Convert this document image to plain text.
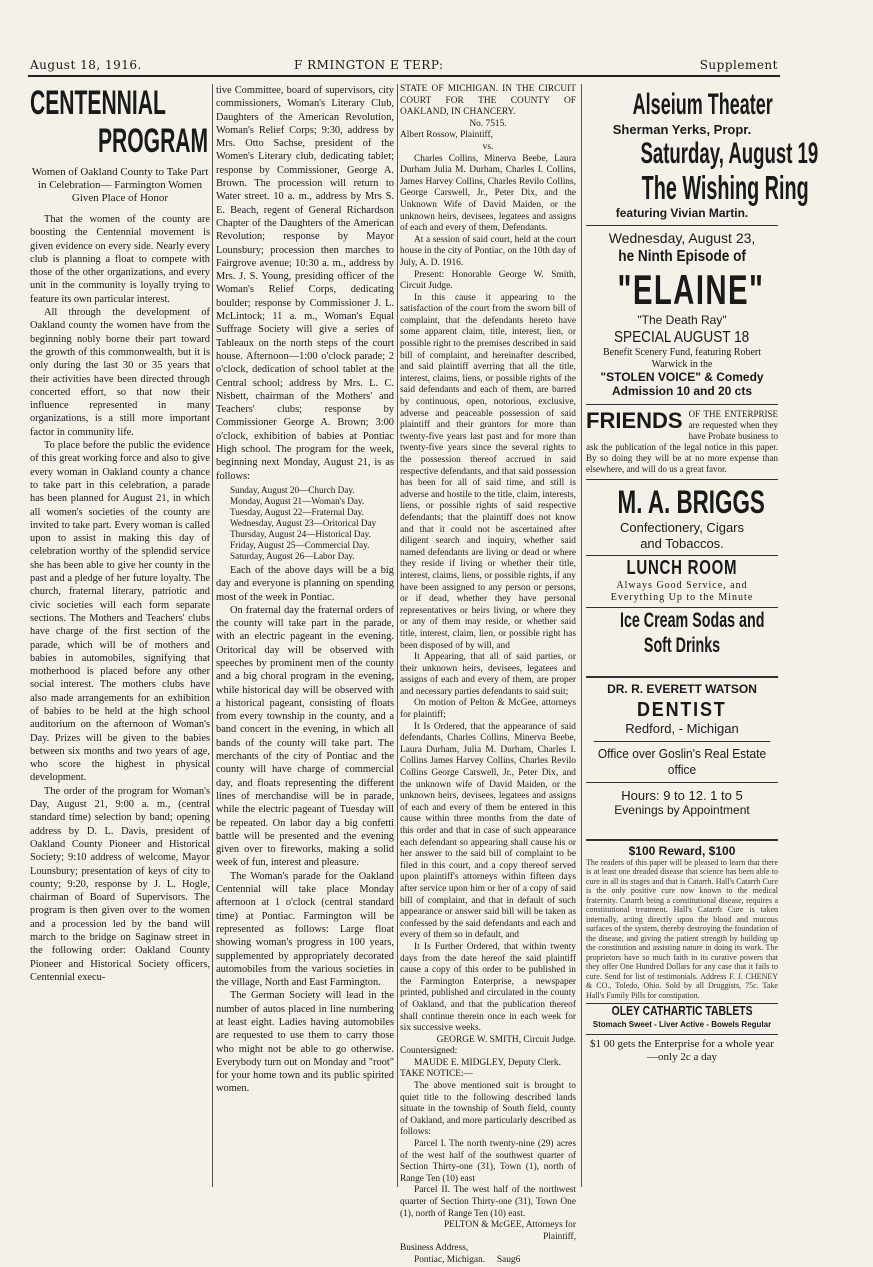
August 18, 1916.	F RMINGTON E TERP:	Supplement
CENTENNIAL
PROGRAM
Women of Oakland County to Take Part in Celebration— Farmington Women Given Place of Honor

That the women of the county are boosting the Centennial movement is given evidence on every side. Nearly every club is planning a float to compete with those of the other organizations, and every unit in the community is loyally trying to feature its own particular interest.

All through the development of Oakland county the women have from the beginning nobly borne their part toward the growth of this commonwealth, but it is only during the last 30 or 35 years that their activities have been directed through concerted effort, so that now their influence represented in many organizations, is a still more important factor in community life.

To place before the public the evidence of this great working force and also to give every woman in Oakland county a chance to take part in this celebration, a parade has been planned for August 21, in which all women's societies of the county are invited to take part. Every woman is called upon to assist in making this day of celebration worthy of the splendid service she has been able to give her county in the past and a pledge of her future loyalty. The church, fraternal literary, patriotic and civic societies will each form separate sections. The Mothers and Teachers' clubs have charge of the first section of the parade, which will be of mothers and babies in automobiles, signifying that motherhood is placed before any other social interest. The mothers clubs have also made arrangements for an exhibition of babies to be held at the high school auditorium on the afternoon of Woman's Day. Prizes will be given to the babies between six months and two years of age, who score the highest in physical development.

The order of the program for Woman's Day, August 21, 9:00 a. m., (central standard time) selection by band; opening address by D. L. Davis, president of Oakland County Pioneer and Historical Society; 9:10 address of welcome, Mayor Lounsbury; presentation of keys of city to county; 9:20, response by J. L. Hogle, chairman of Board of Supervisors. The program is then given over to the women and a procession led by the band will march to the bridge on Saginaw street in the following order: Oakland County Pioneer and Historical Society officers, Centennial execu-

tive Committee, board of supervisors, city commissioners, Woman's Literary Club, Daughters of the American Revolution, Woman's Relief Corps; 9:30, address by Mrs. Otto Sachse, president of the Women's Literary club, dedicating tablet; response by Commissioner, George A. Brown. The procession will return to Water street. 10 a. m., address by Mrs S. E. Beach, regent of General Richardson Chapter of the Daughters of the American Revolution; response by Mayor Lounsbury; procession then marches to Fairgrove avenue; 10:30 a. m., address by Mrs. J. S. Young, presiding officer of the Woman's Relief Corps, dedicating boulder; response by Commissioner J. L. McLintock; 11 a. m., Woman's Equal Suffrage Society will give a series of Tableaux on the north steps of the court house. Afternoon—1:00 o'clock parade; 2 o'clock, dedication of school tablet at the Central school; address by Mrs. L. C. Nisbett, chairman of the Mothers' and Teachers' clubs; response by Commissioner George A. Brown; 3:00 o'clock, exhibition of babies at Pontiac High school. The program for the week, beginning next Monday, August 21, is as follows:

Sunday, August 20—Church Day.
Monday, August 21—Woman's Day.
Tuesday, August 22—Fraternal Day.
Wednesday, August 23—Oritorical Day
Thursday, August 24—Historical Day.
Friday, August 25—Commercial Day.
Saturday, August 26—Labor Day.

Each of the above days will be a big day and everyone is planning on spending most of the week in Pontiac.

On fraternal day the fraternal orders of the county will take part in the parade, with an electric pageant in the evening. Oritorical day will be observed with speeches by prominent men of the county and a big choral program in the evening, while historical day will be observed with a historical pageant, consisting of floats from every township in the county, and a band concert in the evening, in which all bands of the county will take part. The merchants of the city of Pontiac and the county will have charge of commercial day, and floats representing the different lines of merchandise will be in parade, while the electric pageant of Tuesday will be repeated. On labor day a big confetti battle will be presented and the evening given over to fireworks, making a solid week of fun, interest and pleasure.

The Woman's parade for the Oakland Centennial will take place Monday afternoon at 1 o'clock (central standard time) at Pontiac. Farmington will be represented as follows: Large float showing woman's progress in 100 years, supplemented by appropriately decorated automobiles from the various societies in the village, North and East Farmington.

The German Society will lead in the number of autos placed in line numbering at least eight. Ladies having automobiles are requested to use them to carry those who might not be able to go otherwise. Everybody turn out on Monday and "root" for your home town and its public spirited women.

STATE OF MICHIGAN. IN THE CIRCUIT COURT FOR THE COUNTY OF OAKLAND, IN CHANCERY.

No. 7515.

Albert Rossow, Plaintiff,

vs.

Charles Collins, Minerva Beebe, Laura Durham Julia M. Durham, Charles I. Collins, James Harvey Collins, Charles Revilo Collins, George Carswell, Jr., Peter Dix, and the Unknown Wife of David Maiden, or the unknown heirs, devisees, legatees and assigns of each and every of them, Defendants.

At a session of said court, held at the court house in the city of Pontiac, on the 10th day of July, A. D. 1916.

Present: Honorable George W. Smith, Circuit Judge.

In this cause it appearing to the satisfaction of the court from the sworn bill of complaint, that the defendants hereto have some apparent claim, title, interest, lien, or possible right to the premises described in said bill of complaint, and hereinafter described, and said plaintiff averring that all the title, interest, claims, liens, or possible rights of the said defendants and each of them, are barred by continuous, open, notorious, exclusive, adverse and peaceable possession of said plaintiff and their grantors for more than twenty-five years last past and for more than twenty-five years since the several rights to the possession thereof accrued in said respective defendants, and that said possession has been for all of said time, and still is adverse and hostile to the title, claim, interests, liens, or possible rights of said respective defendants; that the plaintiff does not know and that it could not be ascertained after diligent search and inquiry, whether said named defendants are living or dead or where they reside if living or whether their title, interest, claims, liens, or possible rights, if any have been assigned to any person or persons, or if dead, whether they have personal representatives or heirs living, or where they or any of them may reside, or whether said title, interest, claim, lien, or possible right has been disposed of by will, and

It Appearing, that all of said parties, or their unknown heirs, devisees, legatees and assigns of each and every of them, are proper and necessary parties defendants to said suit;

On motion of Pelton & McGee, attorneys for plaintiff;

It Is Ordered, that the appearance of said defendants, Charles Collins, Minerva Beebe, Laura Durham, Julia M. Durham, Charles I. Collins James Harvey Collins, Charles Revilo Collins George Carswell, Jr., Peter Dix, and the unknown wife of David Maiden, or the unknown heirs, devisees, legatees and assigns of each and every of them be entered in this cause within three months from the date of this order and that in case of such appearance each defendant so appearing shall cause his or her answer to the said bill of complaint to be filed in this court, and a copy thereof served upon plaintiff's attorneys within fifteen days after service upon him or her of a copy of said bill of complaint, and that in default of such appearance or answer said bill will be taken as confessed by the said defendants and each and every of them so in default, and

It Is Further Ordered, that within twenty days from the date hereof the said plaintiff cause a copy of this order to be published in the Farmington Enterprise, a newspaper printed, published and circulated in the county of Oakland, and that the publication thereof shall continue therein once in each week for six successive weeks.

GEORGE W. SMITH, Circuit Judge.

Countersigned:

MAUDE E. MIDGLEY, Deputy Clerk.

TAKE NOTICE:—

The above mentioned suit is brought to quiet title to the following described lands situate in the township of South field, county of Oakland, and more particularly described as follows:

Parcel I. The north twenty-nine (29) acres of the west half of the southwest quarter of Section Thirty-one (31), Town (1), north of Range Ten (10) east

Parcel II. The west half of the northwest quarter of Section Thirty-one (31), Town One (1), north of Range Ten (10) east.

PELTON & McGEE, Attorneys for Plaintiff,

Business Address,

Pontiac, Michigan. Saug6

Alseium Theater
Sherman Yerks, Propr.
Saturday, August 19
The Wishing Ring
featuring Vivian Martin.
Wednesday, August 23,
he Ninth Episode of
"ELAINE"
"The Death Ray"
SPECIAL AUGUST 18
Benefit Scenery Fund, featuring Robert Warwick in the
"STOLEN VOICE" & Comedy
Admission 10 and 20 cts
FRIENDS OF THE ENTERPRISE are requested when they have Probate business to ask the publication of the legal notice in this paper. By so doing they will be at no more expense than elsewhere, and will do us a great favor.
M. A. BRIGGS
Confectionery, Cigars
and Tobaccos.
LUNCH ROOM
Always Good Service, and
Everything Up to the Minute
Ice Cream Sodas and
Soft Drinks
DR. R. EVERETT WATSON
DENTIST
Redford, - Michigan
Office over Goslin's Real Estate office
Hours: 9 to 12. 1 to 5
Evenings by Appointment
$100 Reward, $100
The readers of this paper will be pleased to learn that there is at least one dreaded disease that science has been able to cure in all its stages and that is Catarrh. Hall's Catarrh Cure is the only positive cure now known to the medical fraternity. Catarrh being a constitutional disease, requires a constitutional treatment. Hall's Catarrh Cure is taken internally, acting directly upon the blood and mucous surfaces of the system, thereby destroying the foundation of the disease, and giving the patient strength by building up the constitution and assisting nature in doing its work. The proprietors have so much faith in its curative powers that they offer One Hundred Dollars for any case that it fails to cure. Send for list of testimonials. Address F. J. CHENEY & CO., Toledo, Ohio. Sold by all Druggists, 75c. Take Hall's Family Pills for constipation.
OLEY CATHARTIC TABLETS
Stomach Sweet - Liver Active - Bowels Regular
$1 00 gets the Enterprise for a whole year—only 2c a day
